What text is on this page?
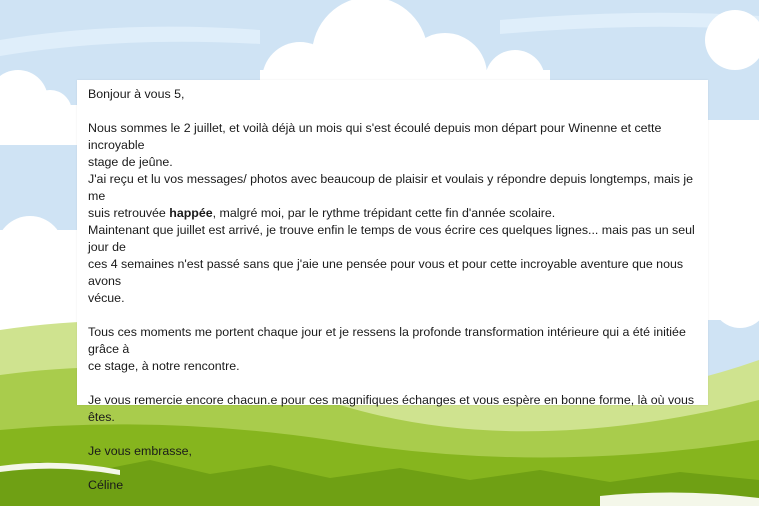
Bonjour à vous 5,

Nous sommes le 2 juillet, et voilà déjà un mois qui s'est écoulé depuis mon départ pour Winenne et cette incroyable

stage de jeûne.

J'ai reçu et lu vos messages/ photos avec beaucoup de plaisir et voulais y répondre depuis longtemps, mais je me

suis retrouvée happée, malgré moi, par le rythme trépidant cette fin d'année scolaire.

Maintenant que juillet est arrivé, je trouve enfin le temps de vous écrire ces quelques lignes... mais pas un seul jour de

ces 4 semaines n'est passé sans que j'aie une pensée pour vous et pour cette incroyable aventure que nous avons

vécue.

Tous ces moments me portent chaque jour et je ressens la profonde transformation intérieure qui a été initiée grâce à

ce stage, à notre rencontre.

Je vous remercie encore chacun.e pour ces magnifiques échanges et vous espère en bonne forme, là où vous êtes.

Je vous embrasse,

Céline
